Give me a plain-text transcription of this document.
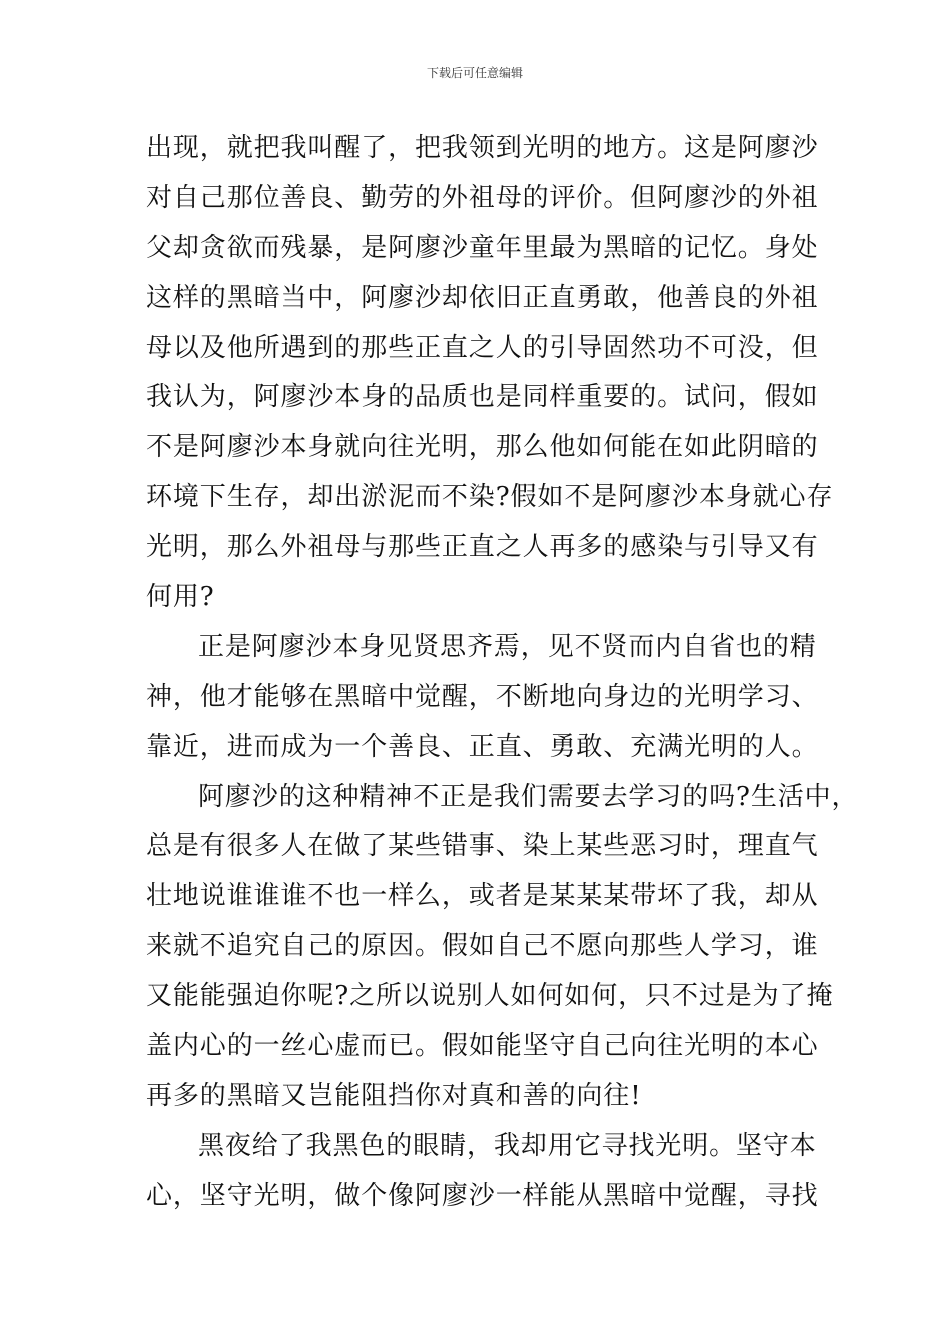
下载后可任意编辑
出现，就把我叫醒了，把我领到光明的地方。这是阿廖沙
对自己那位善良、勤劳的外祖母的评价。但阿廖沙的外祖
父却贪欲而残暴，是阿廖沙童年里最为黑暗的记忆。身处
这样的黑暗当中，阿廖沙却依旧正直勇敢，他善良的外祖
母以及他所遇到的那些正直之人的引导固然功不可没，但
我认为，阿廖沙本身的品质也是同样重要的。试问，假如
不是阿廖沙本身就向往光明，那么他如何能在如此阴暗的
环境下生存，却出淤泥而不染?假如不是阿廖沙本身就心存
光明，那么外祖母与那些正直之人再多的感染与引导又有
何用?
正是阿廖沙本身见贤思齐焉，见不贤而内自省也的精
神，他才能够在黑暗中觉醒，不断地向身边的光明学习、
靠近，进而成为一个善良、正直、勇敢、充满光明的人。
阿廖沙的这种精神不正是我们需要去学习的吗?生活中，
总是有很多人在做了某些错事、染上某些恶习时，理直气
壮地说谁谁谁不也一样么，或者是某某某带坏了我，却从
来就不追究自己的原因。假如自己不愿向那些人学习，谁
又能能强迫你呢?之所以说别人如何如何，只不过是为了掩
盖内心的一丝心虚而已。假如能坚守自己向往光明的本心
再多的黑暗又岂能阻挡你对真和善的向往!
黑夜给了我黑色的眼睛，我却用它寻找光明。坚守本
心，坚守光明，做个像阿廖沙一样能从黑暗中觉醒，寻找
